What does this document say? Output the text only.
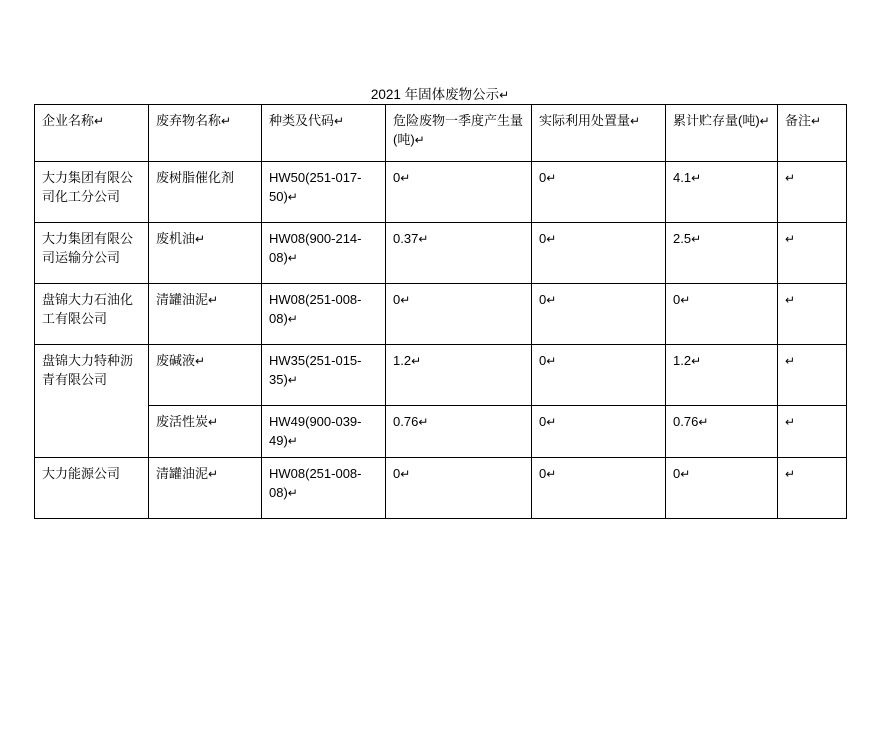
2021 年固体废物公示↵
企业名称↵	废弃物名称↵	种类及代码↵	危险废物一季度产生量(吨)↵	实际利用处置量↵	累计贮存量(吨)↵	备注↵
大力集团有限公司化工分公司	废树脂催化剂	HW50(251-017-50)↵	0↵	0↵	4.1↵	↵
大力集团有限公司运输分公司	废机油↵	HW08(900-214-08)↵	0.37↵	0↵	2.5↵	↵
盘锦大力石油化工有限公司	清罐油泥↵	HW08(251-008-08)↵	0↵	0↵	0↵	↵
盘锦大力特种沥青有限公司	废碱液↵	HW35(251-015-35)↵	1.2↵	0↵	1.2↵	↵
	废活性炭↵	HW49(900-039-49)↵	0.76↵	0↵	0.76↵	↵
大力能源公司	清罐油泥↵	HW08(251-008-08)↵	0↵	0↵	0↵	↵
